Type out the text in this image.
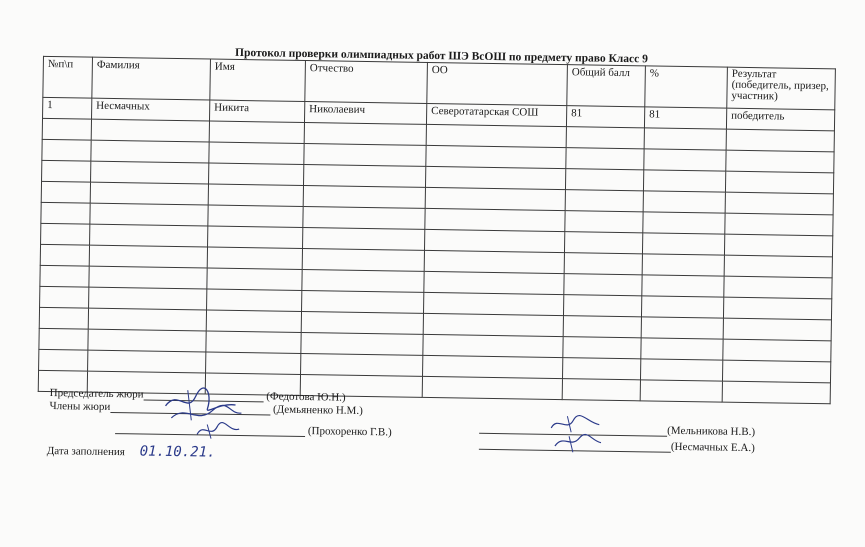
Протокол проверки олимпиадных работ ШЭ ВсОШ по предмету право Класс 9
№п\п	Фамилия	Имя	Отчество	ОО	Общий балл	%	Результат (победитель, призер, участник)
1	Несмачных	Никита	Николаевич	Северотатарская СОШ	81	81	победитель

Председатель жюри	(Федотова Ю.Н.)
Члены жюри	(Демьяненко Н.М.)
(Прохоренко Г.В.)	(Мельникова Н.В.)
(Несмачных Е.А.)
Дата заполнения 01.10.21.
